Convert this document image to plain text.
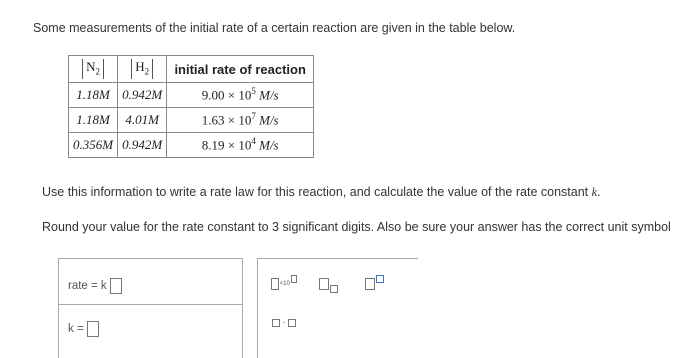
Some measurements of the initial rate of a certain reaction are given in the table below.
$N_2$	$H_2$	initial rate of reaction
1.18M	0.942M	$9.00 \times 10^5$ M/s
1.18M	4.01M	$1.63 \times 10^7$ M/s
0.356M	0.942M	$8.19 \times 10^4$ M/s
Use this information to write a rate law for this reaction, and calculate the value of the rate constant k.
Round your value for the rate constant to 3 significant digits. Also be sure your answer has the correct unit symbol
rate = k
k =
×10
·
